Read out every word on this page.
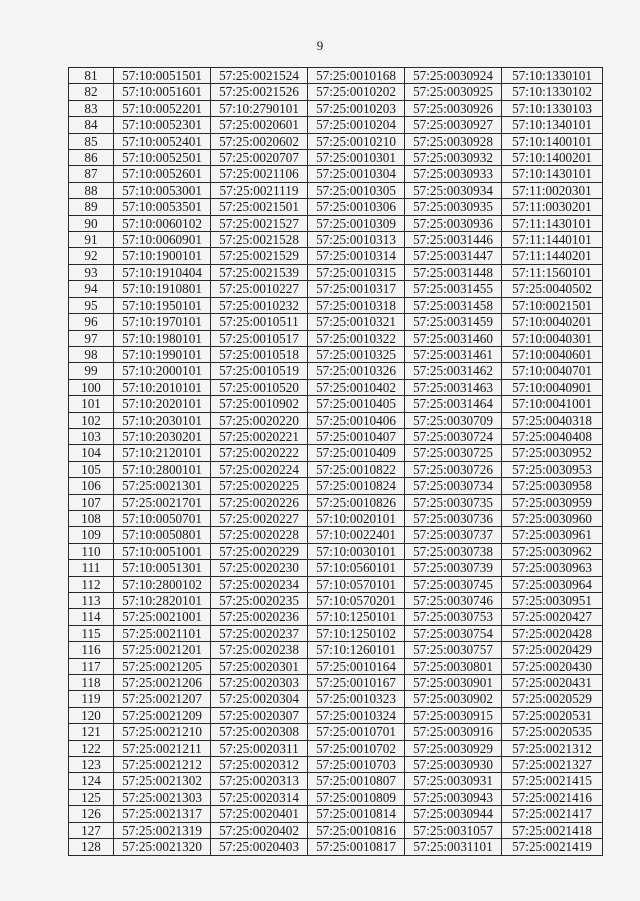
9
81	57:10:0051501	57:25:0021524	57:25:0010168	57:25:0030924	57:10:1330101
82	57:10:0051601	57:25:0021526	57:25:0010202	57:25:0030925	57:10:1330102
83	57:10:0052201	57:10:2790101	57:25:0010203	57:25:0030926	57:10:1330103
84	57:10:0052301	57:25:0020601	57:25:0010204	57:25:0030927	57:10:1340101
85	57:10:0052401	57:25:0020602	57:25:0010210	57:25:0030928	57:10:1400101
86	57:10:0052501	57:25:0020707	57:25:0010301	57:25:0030932	57:10:1400201
87	57:10:0052601	57:25:0021106	57:25:0010304	57:25:0030933	57:10:1430101
88	57:10:0053001	57:25:0021119	57:25:0010305	57:25:0030934	57:11:0020301
89	57:10:0053501	57:25:0021501	57:25:0010306	57:25:0030935	57:11:0030201
90	57:10:0060102	57:25:0021527	57:25:0010309	57:25:0030936	57:11:1430101
91	57:10:0060901	57:25:0021528	57:25:0010313	57:25:0031446	57:11:1440101
92	57:10:1900101	57:25:0021529	57:25:0010314	57:25:0031447	57:11:1440201
93	57:10:1910404	57:25:0021539	57:25:0010315	57:25:0031448	57:11:1560101
94	57:10:1910801	57:25:0010227	57:25:0010317	57:25:0031455	57:25:0040502
95	57:10:1950101	57:25:0010232	57:25:0010318	57:25:0031458	57:10:0021501
96	57:10:1970101	57:25:0010511	57:25:0010321	57:25:0031459	57:10:0040201
97	57:10:1980101	57:25:0010517	57:25:0010322	57:25:0031460	57:10:0040301
98	57:10:1990101	57:25:0010518	57:25:0010325	57:25:0031461	57:10:0040601
99	57:10:2000101	57:25:0010519	57:25:0010326	57:25:0031462	57:10:0040701
100	57:10:2010101	57:25:0010520	57:25:0010402	57:25:0031463	57:10:0040901
101	57:10:2020101	57:25:0010902	57:25:0010405	57:25:0031464	57:10:0041001
102	57:10:2030101	57:25:0020220	57:25:0010406	57:25:0030709	57:25:0040318
103	57:10:2030201	57:25:0020221	57:25:0010407	57:25:0030724	57:25:0040408
104	57:10:2120101	57:25:0020222	57:25:0010409	57:25:0030725	57:25:0030952
105	57:10:2800101	57:25:0020224	57:25:0010822	57:25:0030726	57:25:0030953
106	57:25:0021301	57:25:0020225	57:25:0010824	57:25:0030734	57:25:0030958
107	57:25:0021701	57:25:0020226	57:25:0010826	57:25:0030735	57:25:0030959
108	57:10:0050701	57:25:0020227	57:10:0020101	57:25:0030736	57:25:0030960
109	57:10:0050801	57:25:0020228	57:10:0022401	57:25:0030737	57:25:0030961
110	57:10:0051001	57:25:0020229	57:10:0030101	57:25:0030738	57:25:0030962
111	57:10:0051301	57:25:0020230	57:10:0560101	57:25:0030739	57:25:0030963
112	57:10:2800102	57:25:0020234	57:10:0570101	57:25:0030745	57:25:0030964
113	57:10:2820101	57:25:0020235	57:10:0570201	57:25:0030746	57:25:0030951
114	57:25:0021001	57:25:0020236	57:10:1250101	57:25:0030753	57:25:0020427
115	57:25:0021101	57:25:0020237	57:10:1250102	57:25:0030754	57:25:0020428
116	57:25:0021201	57:25:0020238	57:10:1260101	57:25:0030757	57:25:0020429
117	57:25:0021205	57:25:0020301	57:25:0010164	57:25:0030801	57:25:0020430
118	57:25:0021206	57:25:0020303	57:25:0010167	57:25:0030901	57:25:0020431
119	57:25:0021207	57:25:0020304	57:25:0010323	57:25:0030902	57:25:0020529
120	57:25:0021209	57:25:0020307	57:25:0010324	57:25:0030915	57:25:0020531
121	57:25:0021210	57:25:0020308	57:25:0010701	57:25:0030916	57:25:0020535
122	57:25:0021211	57:25:0020311	57:25:0010702	57:25:0030929	57:25:0021312
123	57:25:0021212	57:25:0020312	57:25:0010703	57:25:0030930	57:25:0021327
124	57:25:0021302	57:25:0020313	57:25:0010807	57:25:0030931	57:25:0021415
125	57:25:0021303	57:25:0020314	57:25:0010809	57:25:0030943	57:25:0021416
126	57:25:0021317	57:25:0020401	57:25:0010814	57:25:0030944	57:25:0021417
127	57:25:0021319	57:25:0020402	57:25:0010816	57:25:0031057	57:25:0021418
128	57:25:0021320	57:25:0020403	57:25:0010817	57:25:0031101	57:25:0021419
